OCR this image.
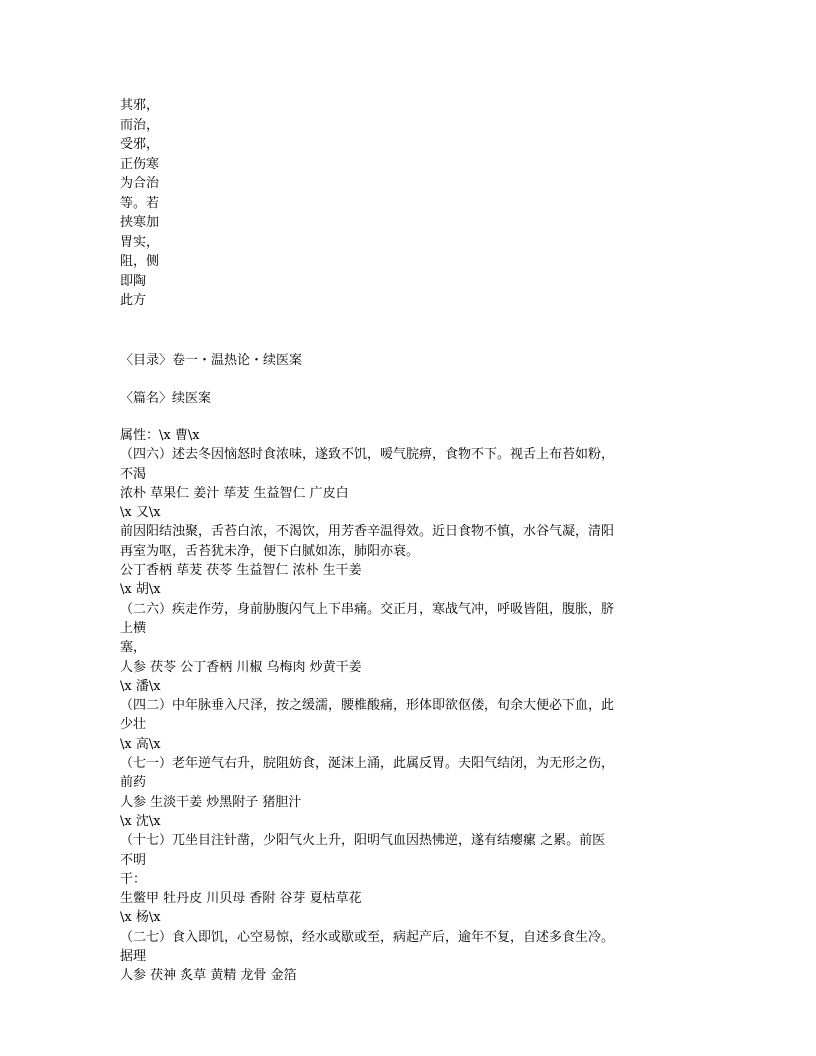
其邪，
而治，
受邪，
正伤寒
为合治
等。若
挟寒加
胃实，
阻，侧
即陶
此方
〈目录〉卷一・温热论・续医案
〈篇名〉续医案
属性：\x 曹\x
（四六）述去冬因恼怒时食浓味，遂致不饥，嗳气脘痹，食物不下。视舌上布苔如粉，
不渴
浓朴 草果仁 姜汁 荜茇 生益智仁 广皮白
\x 又\x
前因阳结浊聚，舌苔白浓，不渴饮，用芳香辛温得效。近日食物不慎，水谷气凝，清阳
再室为呕，舌苔犹未净，便下白腻如冻，肺阳亦衰。
公丁香柄 荜茇 茯苓 生益智仁 浓朴 生干姜
\x 胡\x
（二六）疾走作劳，身前胁腹闪气上下串痛。交正月，寒战气冲，呼吸皆阻，腹胀，脐
上横
塞，
人参 茯苓 公丁香柄 川椒 乌梅肉 炒黄干姜
\x 潘\x
（四二）中年脉垂入尺泽，按之缓濡，腰椎酸痛，形体即欲伛偻，旬余大便必下血，此
少壮
\x 高\x
（七一）老年逆气右升，脘阻妨食，涎沫上涌，此属反胃。夫阳气结闭，为无形之伤，
前药
人参 生淡干姜 炒黑附子 猪胆汁
\x 沈\x
（十七）兀坐目注针凿，少阳气火上升，阳明气血因热怫逆，遂有结瘿瘰 之累。前医
不明
干：
生鳖甲 牡丹皮 川贝母 香附 谷芽 夏枯草花
\x 杨\x
（二七）食入即饥，心空易惊，经水或歇或至，病起产后，逾年不复，自述多食生冷。
据理
人参 茯神 炙草 黄精 龙骨 金箔
